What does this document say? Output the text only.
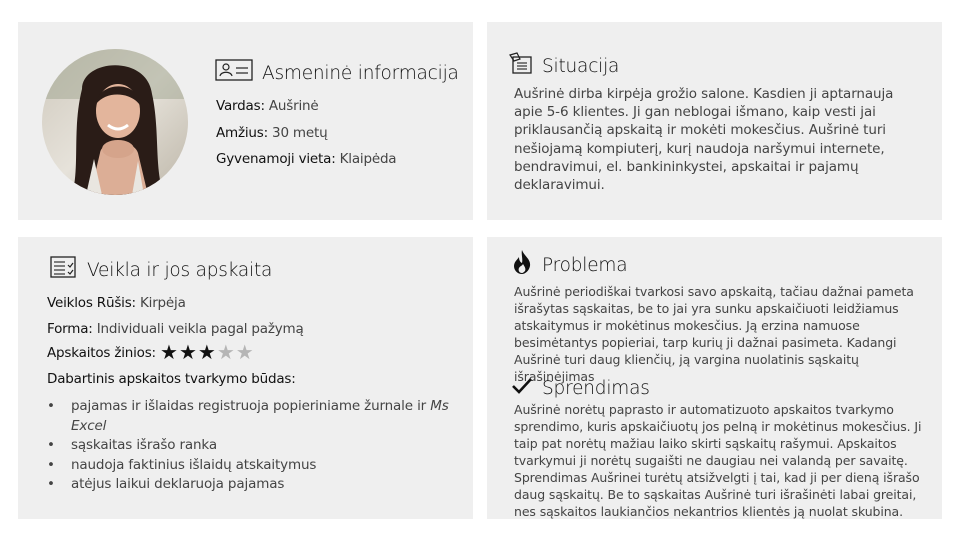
Asmeninė informacija
Vardas: Aušrinė
Amžius: 30 metų
Gyvenamoji vieta: Klaipėda
Situacija
Aušrinė dirba kirpėja grožio salone. Kasdien ji aptarnauja apie 5-6 klientes. Ji gan neblogai išmano, kaip vesti jai priklausančią apskaitą ir mokėti mokesčius. Aušrinė turi nešiojamą kompiuterį, kurį naudoja naršymui internete, bendravimui, el. bankininkystei, apskaitai ir pajamų deklaravimui.
Veikla ir jos apskaita
Veiklos Rūšis: Kirpėja
Forma: Individuali veikla pagal pažymą
Apskaitos žinios: ★★★★★
Dabartinis apskaitos tvarkymo būdas:
• pajamas ir išlaidas registruoja popieriniame žurnale ir Ms Excel
• sąskaitas išrašo ranka
• naudoja faktinius išlaidų atskaitymus
• atėjus laikui deklaruoja pajamas
Problema
Aušrinė periodiškai tvarkosi savo apskaitą, tačiau dažnai pameta išrašytas sąskaitas, be to jai yra sunku apskaičiuoti leidžiamus atskaitymus ir mokėtinus mokesčius. Ją erzina namuose besimėtantys popieriai, tarp kurių ji dažnai pasimeta. Kadangi Aušrinė turi daug klienčių, ją vargina nuolatinis sąskaitų išrašinėjimas
Sprendimas
Aušrinė norėtų paprasto ir automatizuoto apskaitos tvarkymo sprendimo, kuris apskaičiuotų jos pelną ir mokėtinus mokesčius. Ji taip pat norėtų mažiau laiko skirti sąskaitų rašymui. Apskaitos tvarkymui ji norėtų sugaišti ne daugiau nei valandą per savaitę. Sprendimas Aušrinei turėtų atsižvelgti į tai, kad ji per dieną išrašo daug sąskaitų. Be to sąskaitas Aušrinė turi išrašinėti labai greitai, nes sąskaitos laukiančios nekantrios klientės ją nuolat skubina.
